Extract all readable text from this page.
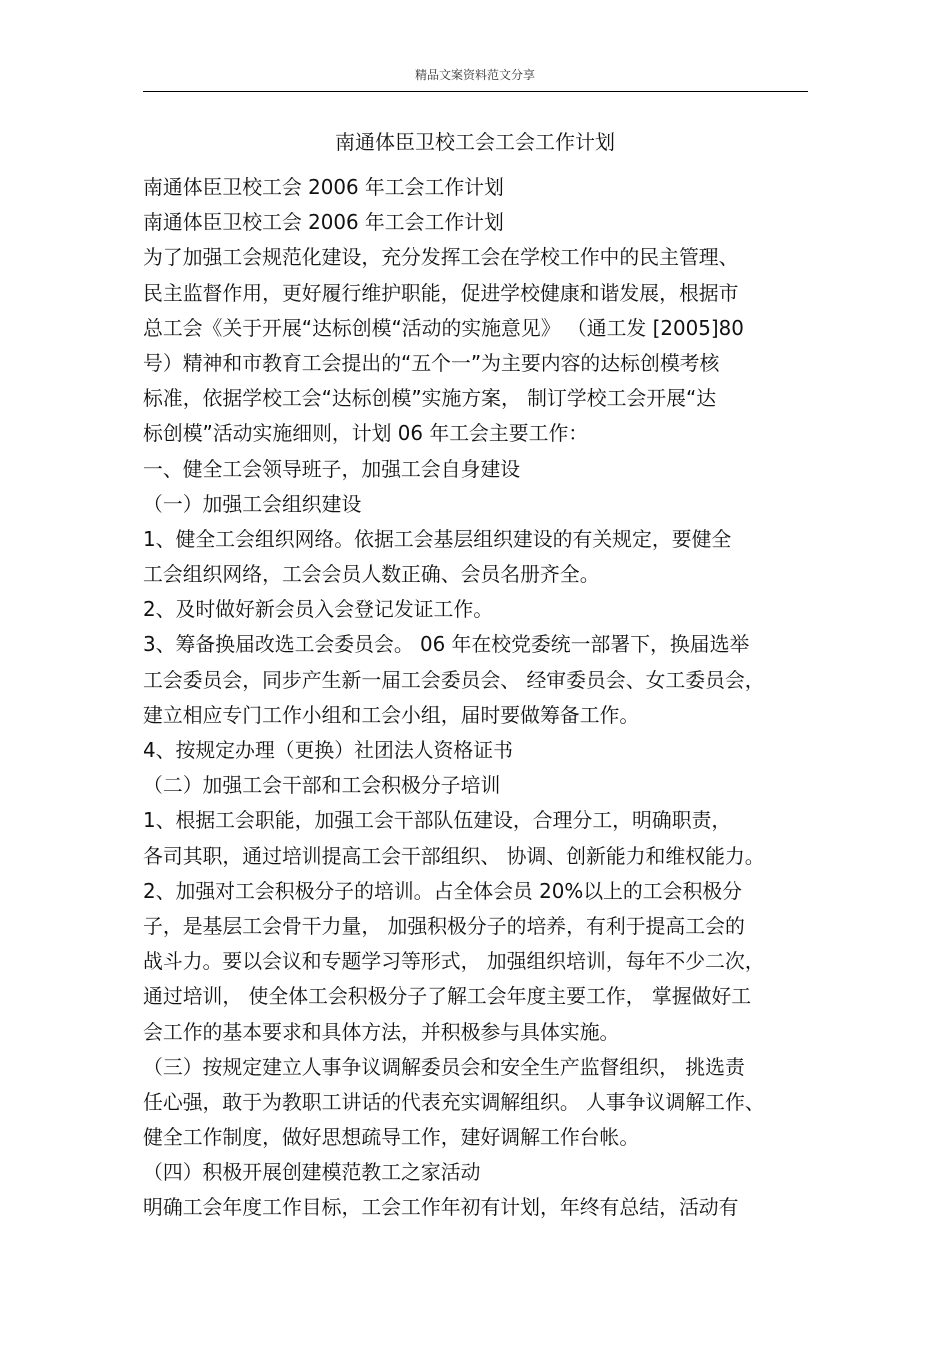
精品文案资料范文分享
南通体臣卫校工会工会工作计划
南通体臣卫校工会 2006 年工会工作计划
南通体臣卫校工会 2006 年工会工作计划
为了加强工会规范化建设，充分发挥工会在学校工作中的民主管理、
民主监督作用，更好履行维护职能，促进学校健康和谐发展，根据市
总工会《关于开展“达标创模“活动的实施意见》 （通工发 [2005]80
号）精神和市教育工会提出的“五个一”为主要内容的达标创模考核
标准，依据学校工会“达标创模”实施方案， 制订学校工会开展“达
标创模”活动实施细则，计划 06 年工会主要工作：
一、健全工会领导班子，加强工会自身建设
（一）加强工会组织建设
1、健全工会组织网络。依据工会基层组织建设的有关规定，要健全
工会组织网络，工会会员人数正确、会员名册齐全。
2、及时做好新会员入会登记发证工作。
3、筹备换届改选工会委员会。 06 年在校党委统一部署下，换届选举
工会委员会，同步产生新一届工会委员会、 经审委员会、女工委员会，
建立相应专门工作小组和工会小组，届时要做筹备工作。
4、按规定办理（更换）社团法人资格证书
（二）加强工会干部和工会积极分子培训
1、根据工会职能，加强工会干部队伍建设，合理分工，明确职责，
各司其职，通过培训提高工会干部组织、 协调、创新能力和维权能力。
2、加强对工会积极分子的培训。占全体会员 20%以上的工会积极分
子，是基层工会骨干力量， 加强积极分子的培养，有利于提高工会的
战斗力。要以会议和专题学习等形式， 加强组织培训，每年不少二次，
通过培训， 使全体工会积极分子了解工会年度主要工作， 掌握做好工
会工作的基本要求和具体方法，并积极参与具体实施。
（三）按规定建立人事争议调解委员会和安全生产监督组织， 挑选责
任心强，敢于为教职工讲话的代表充实调解组织。 人事争议调解工作、
健全工作制度，做好思想疏导工作，建好调解工作台帐。
（四）积极开展创建模范教工之家活动
明确工会年度工作目标，工会工作年初有计划，年终有总结，活动有
